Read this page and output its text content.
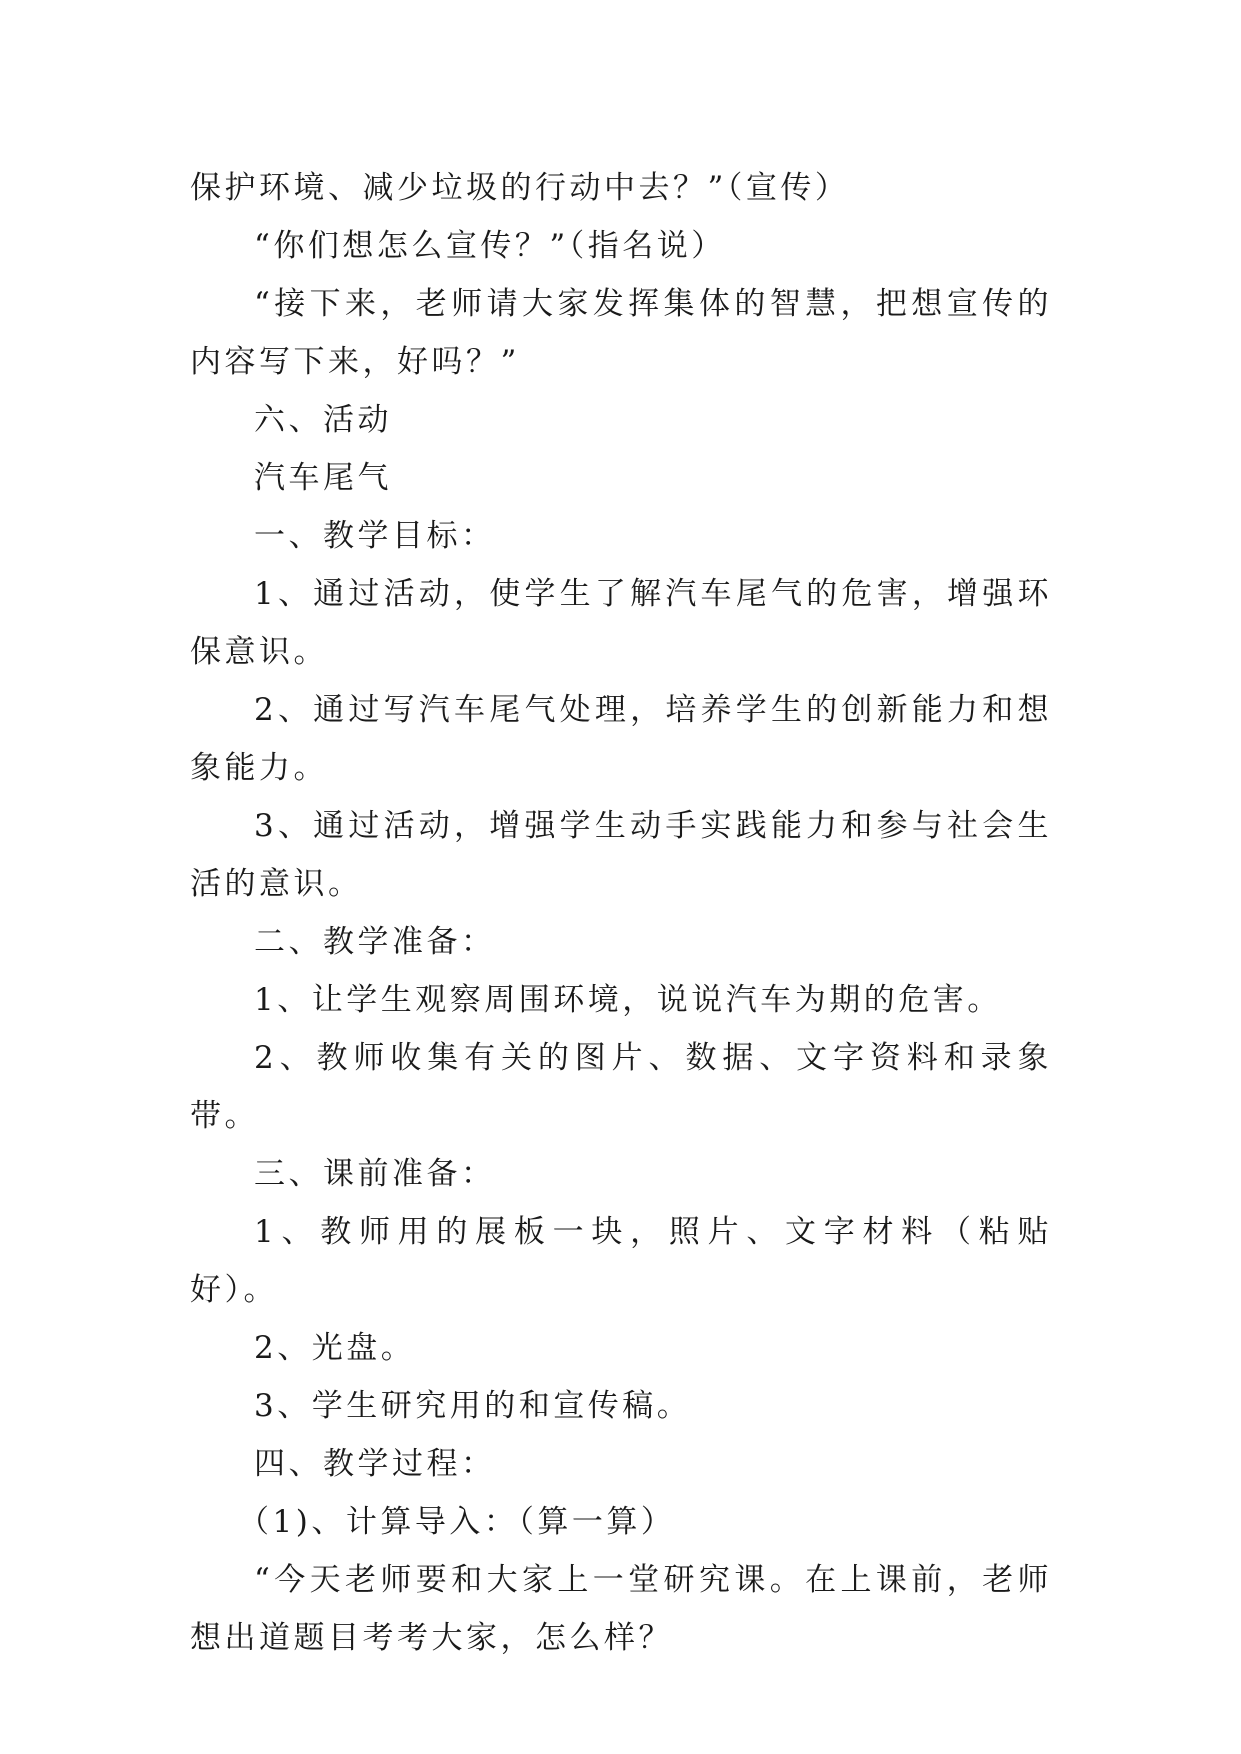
保护环境、减少垃圾的行动中去？”（宣传）

“你们想怎么宣传？”（指名说）

“接下来，老师请大家发挥集体的智慧，把想宣传的内容写下来，好吗？”

六、活动

汽车尾气

一、教学目标：

1、通过活动，使学生了解汽车尾气的危害，增强环保意识。

2、通过写汽车尾气处理，培养学生的创新能力和想象能力。

3、通过活动，增强学生动手实践能力和参与社会生活的意识。

二、教学准备：

1、让学生观察周围环境，说说汽车为期的危害。

2、教师收集有关的图片、数据、文字资料和录象带。

三、课前准备：

1、教师用的展板一块，照片、文字材料（粘贴好）。

2、光盘。

3、学生研究用的和宣传稿。

四、教学过程：

（1)、计算导入：（算一算）

“今天老师要和大家上一堂研究课。在上课前，老师想出道题目考考大家，怎么样？
